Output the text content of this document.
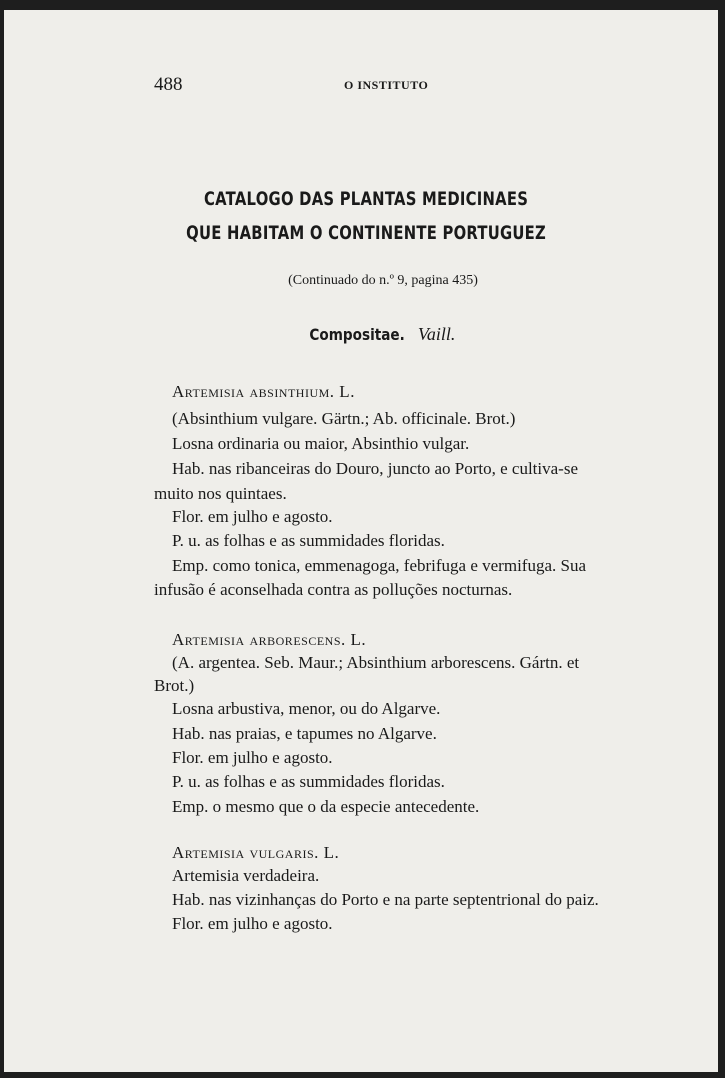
488	O INSTITUTO
CATALOGO DAS PLANTAS MEDICINAES
QUE HABITAM O CONTINENTE PORTUGUEZ
(Continuado do n.º 9, pagina 435)
Compositae. Vaill.
Artemisia absinthium. L.
(Absinthium vulgare. Gärtn.; Ab. officinale. Brot.)
Losna ordinaria ou maior, Absinthio vulgar.
Hab. nas ribanceiras do Douro, juncto ao Porto, e cultiva-se
muito nos quintaes.
Flor. em julho e agosto.
P. u. as folhas e as summidades floridas.
Emp. como tonica, emmenagoga, febrifuga e vermifuga. Sua
infusão é aconselhada contra as polluções nocturnas.
Artemisia arborescens. L.
(A. argentea. Seb. Maur.; Absinthium arborescens. Gártn. et
Brot.)
Losna arbustiva, menor, ou do Algarve.
Hab. nas praias, e tapumes no Algarve.
Flor. em julho e agosto.
P. u. as folhas e as summidades floridas.
Emp. o mesmo que o da especie antecedente.
Artemisia vulgaris. L.
Artemisia verdadeira.
Hab. nas vizinhanças do Porto e na parte septentrional do paiz.
Flor. em julho e agosto.
